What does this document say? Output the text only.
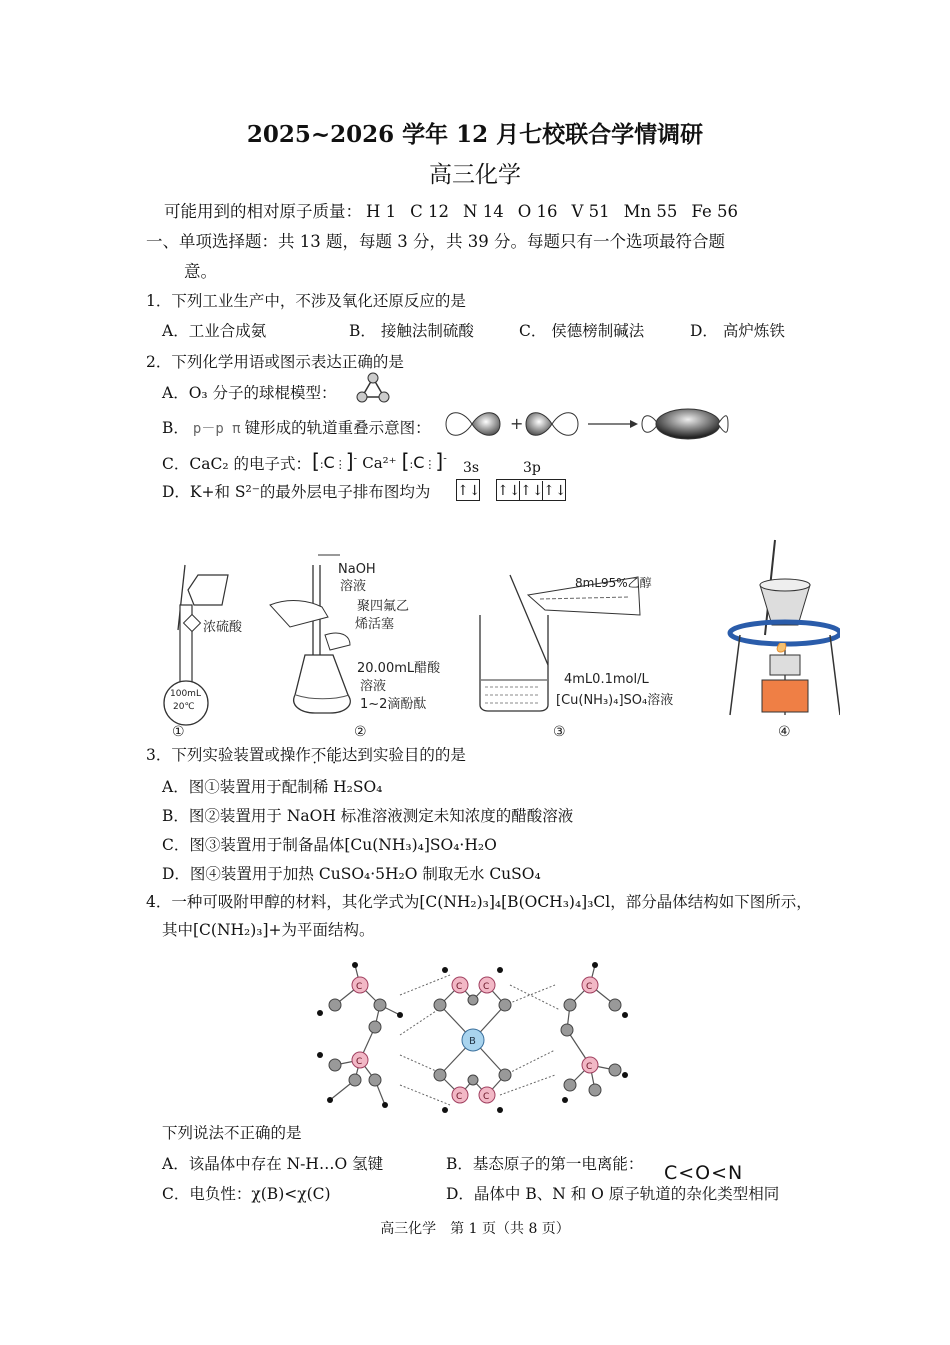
2025~2026 学年 12 月七校联合学情调研
高三化学
可能用到的相对原子质量： H 1 C 12 N 14 O 16 V 51 Mn 55 Fe 56
一、单项选择题：共 13 题，每题 3 分，共 39 分。每题只有一个选项最符合题
意。
1．下列工业生产中，不涉及氧化还原反应的是
A．工业合成氨	B． 接触法制硫酸	C． 侯德榜制碱法	D． 高炉炼铁
2．下列化学用语或图示表达正确的是
A．O₃ 分子的球棍模型：
B． p－p π 键形成的轨道重叠示意图：	+
C．CaC₂ 的电子式： [:C⋮]- Ca²⁺ [:C⋮]-
3s	3p
D．K+和 S²⁻的最外层电子排布图均为 ↑↓ ↑↓↑↓↑↓
浓硫酸
100mL
20℃
①
NaOH
溶液
聚四氟乙
烯活塞
20.00mL醋酸
溶液
1~2滴酚酞
②
8mL95%乙醇
4mL0.1mol/L
[Cu(NH₃)₄]SO₄溶液
③	④
3．下列实验装置或操作不能 • •达到实验目的的是
A．图①装置用于配制稀 H₂SO₄
B．图②装置用于 NaOH 标准溶液测定未知浓度的醋酸溶液
C．图③装置用于制备晶体[Cu(NH₃)₄]SO₄·H₂O
D．图④装置用于加热 CuSO₄·5H₂O 制取无水 CuSO₄
4．一种可吸附甲醇的材料，其化学式为[C(NH₂)₃]₄[B(OCH₃)₄]₃Cl，部分晶体结构如下图所示，
其中[C(NH₂)₃]+为平面结构。
B
C
C
C C
C C
C
C
下列说法不正确的是
A．该晶体中存在 N-H…O 氢键	B．基态原子的第一电离能： C<O<N
C．电负性：χ(B)<χ(C)	D．晶体中 B、N 和 O 原子轨道的杂化类型相同
高三化学　第 1 页（共 8 页）
